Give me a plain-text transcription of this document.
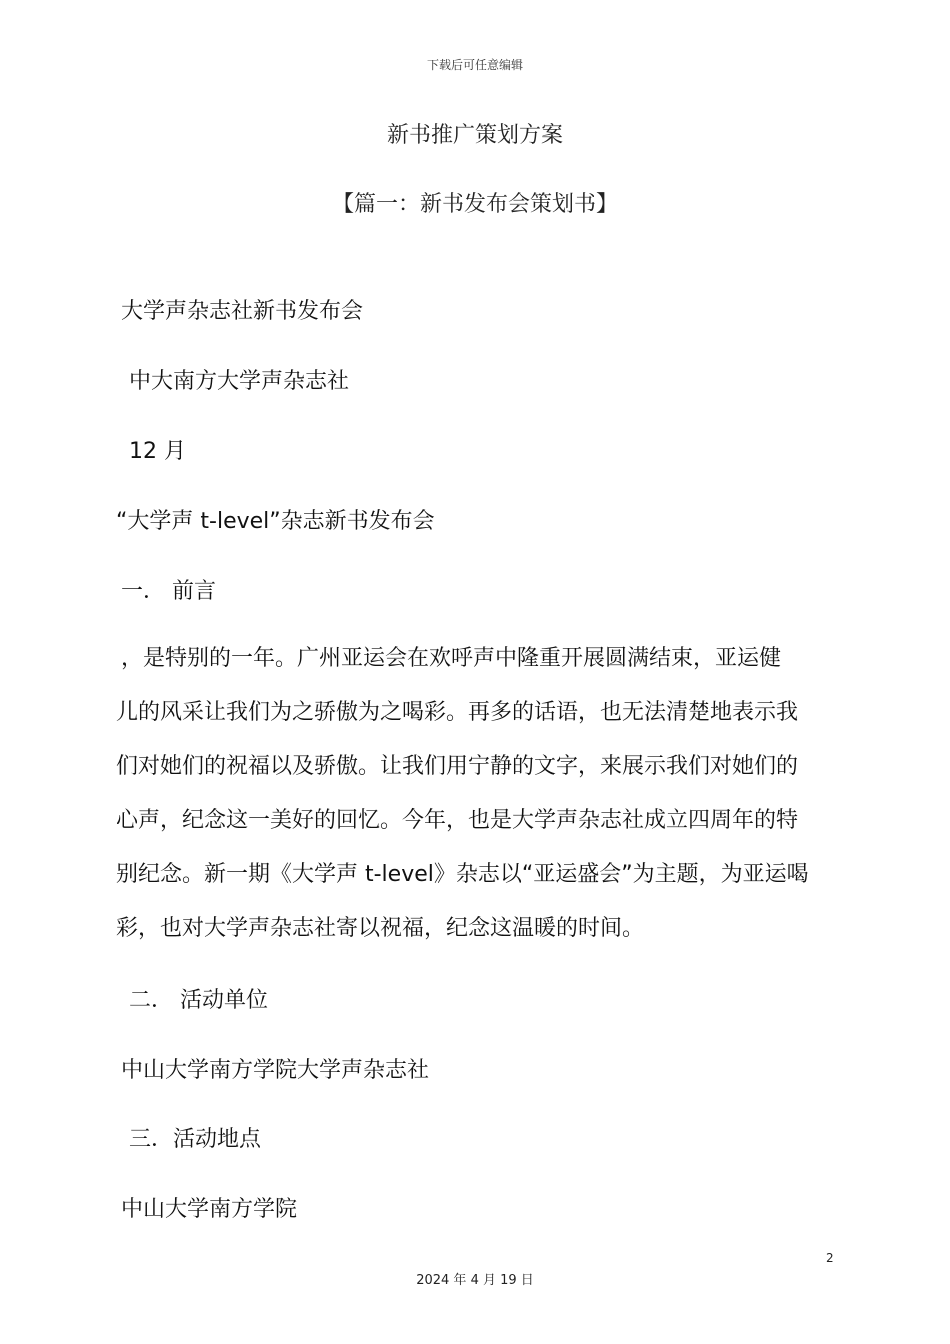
下载后可任意编辑
新书推广策划方案
【篇一：新书发布会策划书】
大学声杂志社新书发布会
中大南方大学声杂志社
12 月
“大学声 t-level”杂志新书发布会
一． 前言
，是特别的一年。广州亚运会在欢呼声中隆重开展圆满结束，亚运健
儿的风采让我们为之骄傲为之喝彩。再多的话语，也无法清楚地表示我
们对她们的祝福以及骄傲。让我们用宁静的文字，来展示我们对她们的
心声，纪念这一美好的回忆。今年，也是大学声杂志社成立四周年的特
别纪念。新一期《大学声 t-level》杂志以“亚运盛会”为主题，为亚运喝
彩，也对大学声杂志社寄以祝福，纪念这温暖的时间。
二． 活动单位
中山大学南方学院大学声杂志社
三．活动地点
中山大学南方学院
2
2024 年 4 月 19 日
